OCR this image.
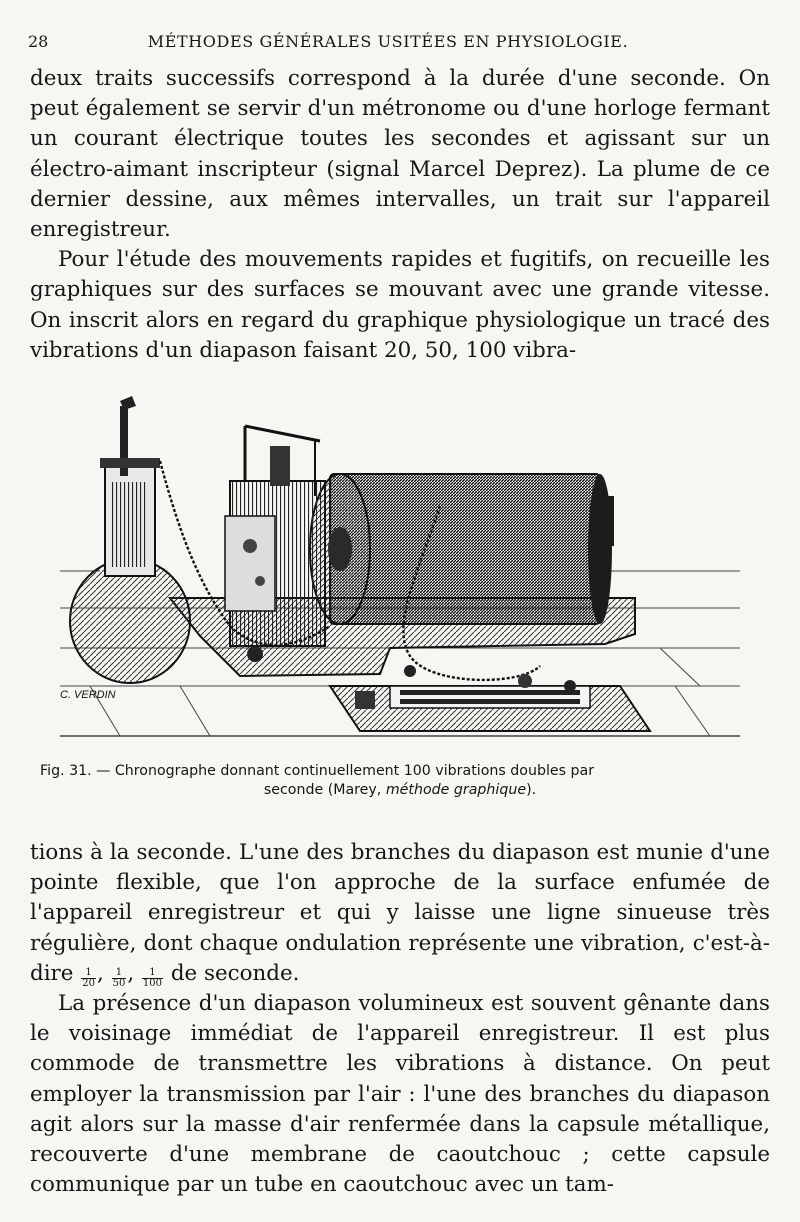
28	MÉTHODES GÉNÉRALES USITÉES EN PHYSIOLOGIE.

deux traits successifs correspond à la durée d'une seconde. On peut également se servir d'un métronome ou d'une horloge fermant un courant électrique toutes les secondes et agissant sur un électro-aimant inscripteur (signal Marcel Deprez). La plume de ce dernier dessine, aux mêmes intervalles, un trait sur l'appareil enregistreur.

Pour l'étude des mouvements rapides et fugitifs, on recueille les graphiques sur des surfaces se mouvant avec une grande vitesse. On inscrit alors en regard du graphique physiologique un tracé des vibrations d'un diapason faisant 20, 50, 100 vibra-

C. VERDIN
Fig. 31. — Chronographe donnant continuellement 100 vibrations doubles par
seconde (Marey, méthode graphique).

tions à la seconde. L'une des branches du diapason est munie d'une pointe flexible, que l'on approche de la surface enfumée de l'appareil enregistreur et qui y laisse une ligne sinueuse très régulière, dont chaque ondulation représente une vibration, c'est-à-dire $\frac{1}{20}$ , $\frac{1}{50}$ , $\frac{1}{100}$ de seconde.

La présence d'un diapason volumineux est souvent gênante dans le voisinage immédiat de l'appareil enregistreur. Il est plus commode de transmettre les vibrations à distance. On peut employer la transmission par l'air : l'une des branches du diapason agit alors sur la masse d'air renfermée dans la capsule métallique, recouverte d'une membrane de caoutchouc ; cette capsule communique par un tube en caoutchouc avec un tam-
